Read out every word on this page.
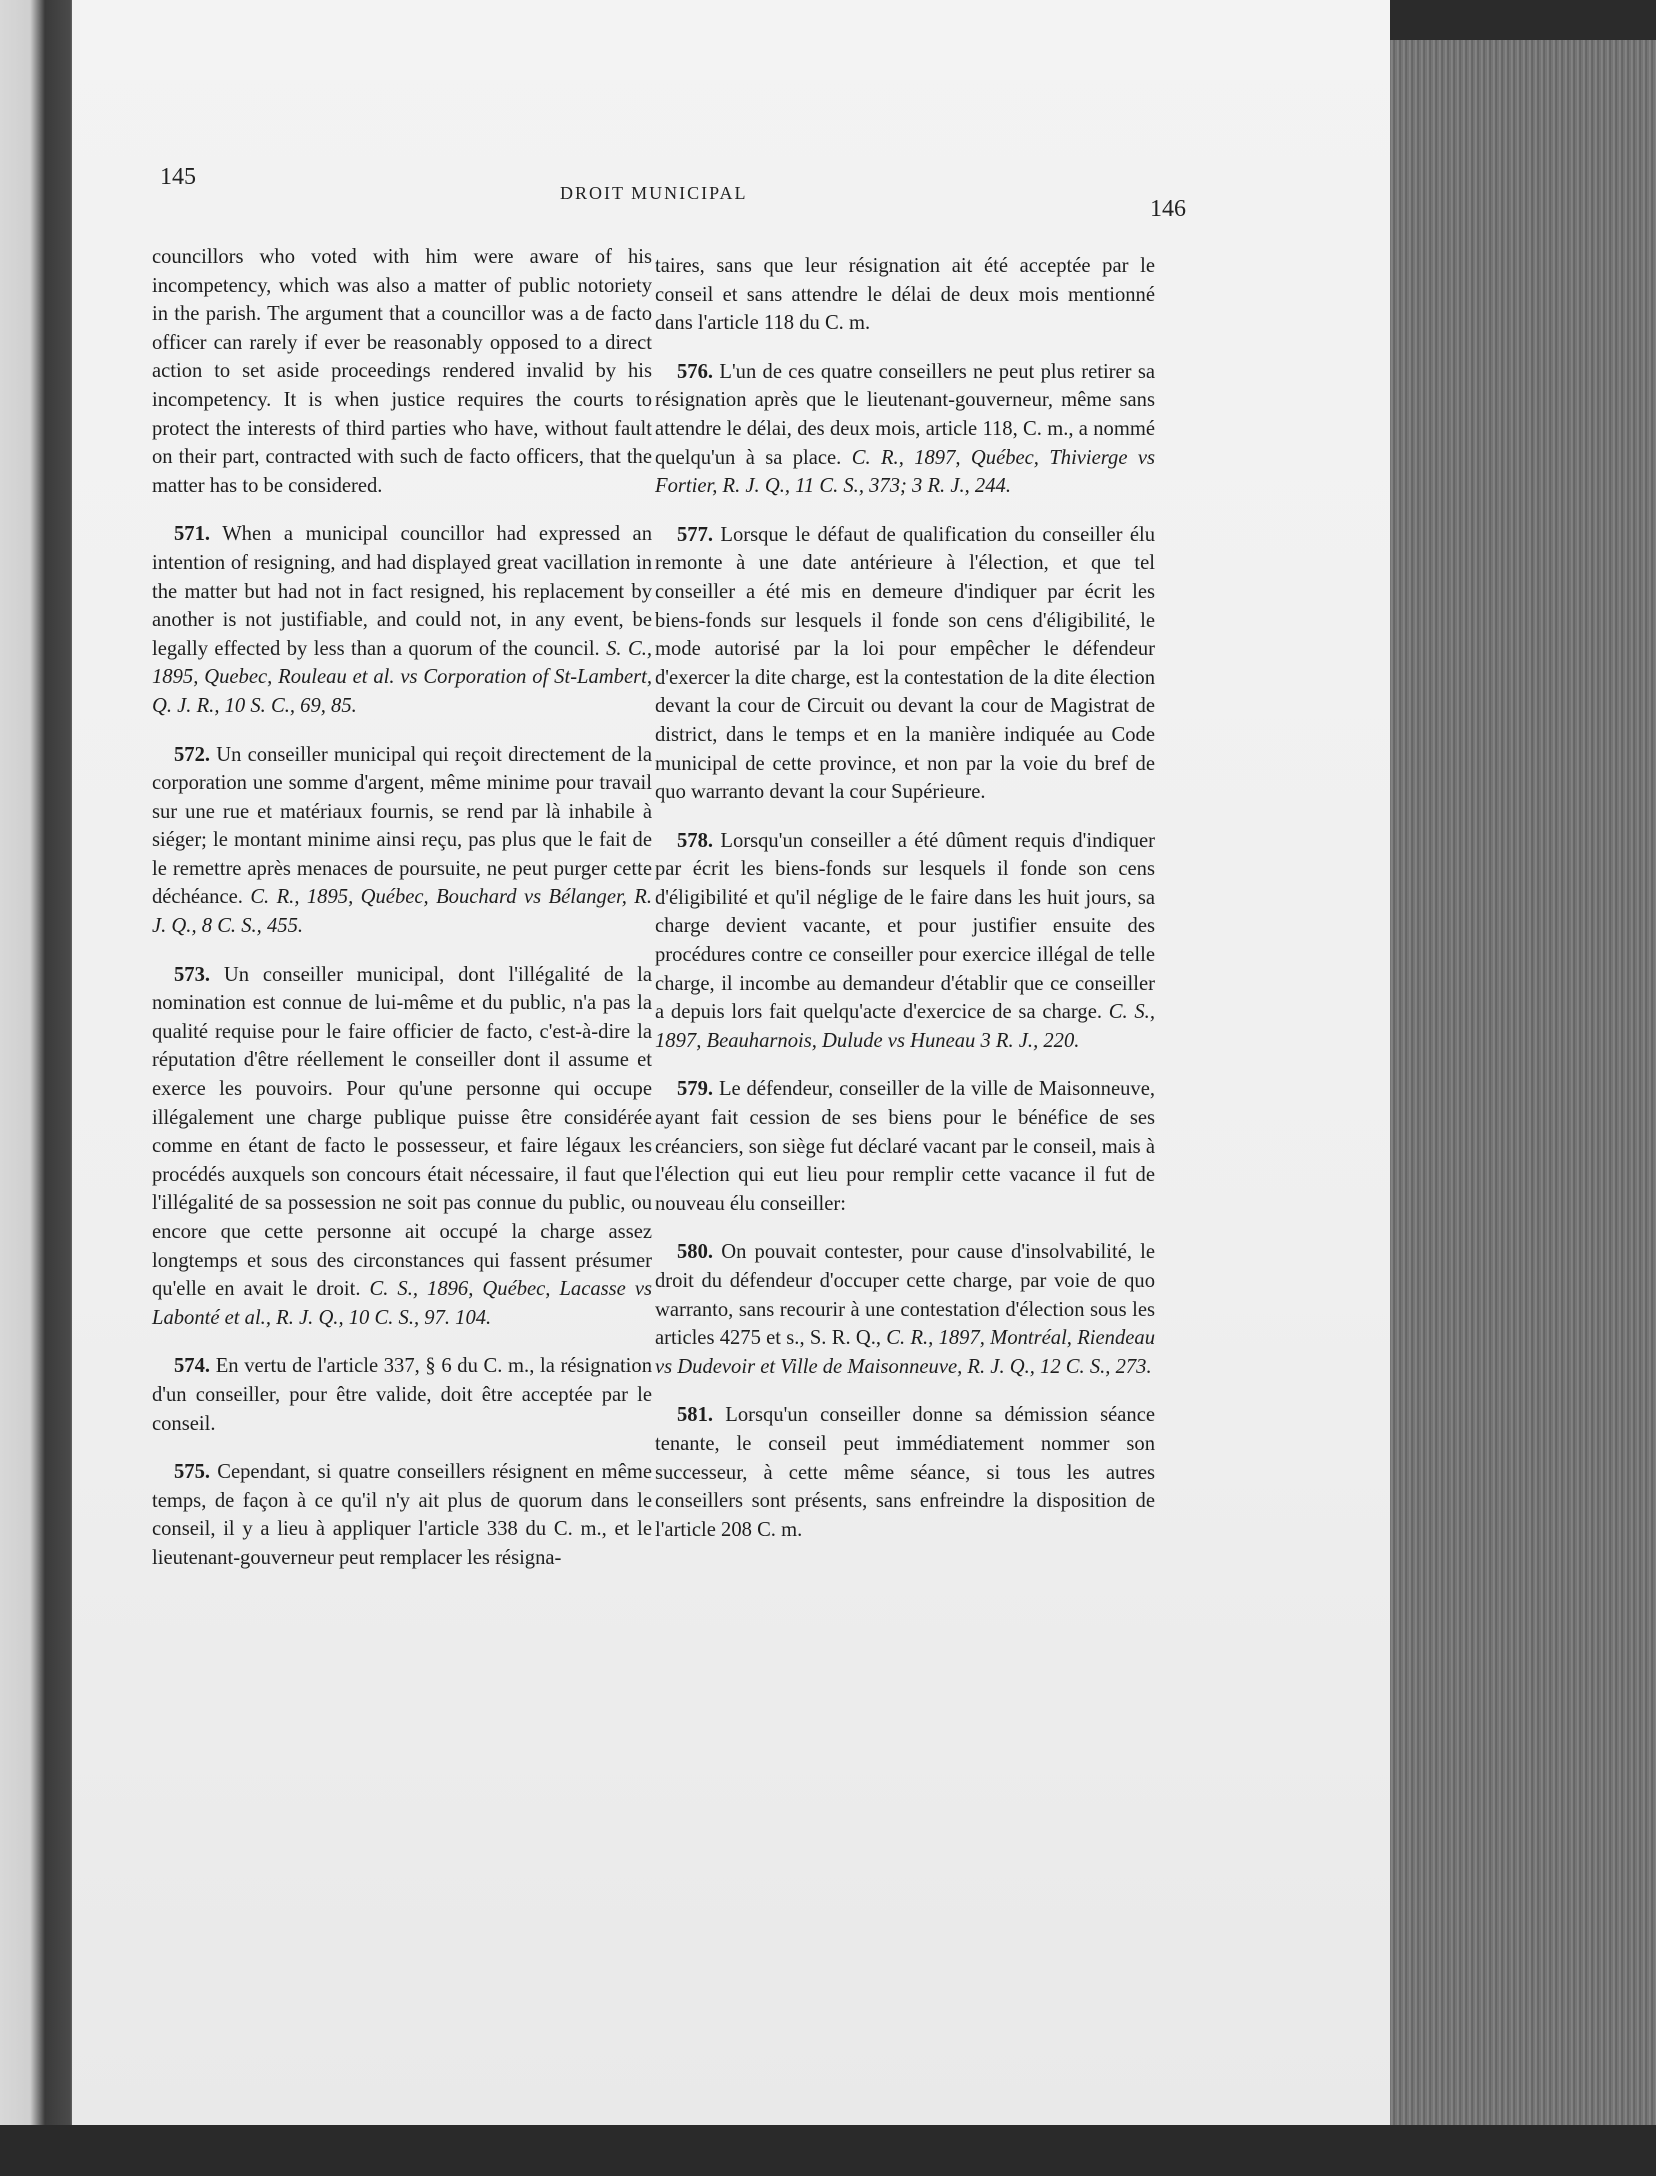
145
DROIT MUNICIPAL
146

councillors who voted with him were aware of his incompetency, which was also a matter of public notoriety in the parish. The argument that a councillor was a de facto officer can rarely if ever be reasonably opposed to a direct action to set aside proceedings rendered invalid by his incompetency. It is when justice requires the courts to protect the interests of third parties who have, without fault on their part, contracted with such de facto officers, that the matter has to be considered.

571. When a municipal councillor had expressed an intention of resigning, and had displayed great vacillation in the matter but had not in fact resigned, his replacement by another is not justifiable, and could not, in any event, be legally effected by less than a quorum of the council. S. C., 1895, Quebec, Rouleau et al. vs Corporation of St-Lambert, Q. J. R., 10 S. C., 69, 85.

572. Un conseiller municipal qui reçoit directement de la corporation une somme d'argent, même minime pour travail sur une rue et matériaux fournis, se rend par là inhabile à siéger; le montant minime ainsi reçu, pas plus que le fait de le remettre après menaces de poursuite, ne peut purger cette déchéance. C. R., 1895, Québec, Bouchard vs Bélanger, R. J. Q., 8 C. S., 455.

573. Un conseiller municipal, dont l'illégalité de la nomination est connue de lui-même et du public, n'a pas la qualité requise pour le faire officier de facto, c'est-à-dire la réputation d'être réellement le conseiller dont il assume et exerce les pouvoirs. Pour qu'une personne qui occupe illégalement une charge publique puisse être considérée comme en étant de facto le possesseur, et faire légaux les procédés auxquels son concours était nécessaire, il faut que l'illégalité de sa possession ne soit pas connue du public, ou encore que cette personne ait occupé la charge assez longtemps et sous des circonstances qui fassent présumer qu'elle en avait le droit. C. S., 1896, Québec, Lacasse vs Labonté et al., R. J. Q., 10 C. S., 97. 104.

574. En vertu de l'article 337, § 6 du C. m., la résignation d'un conseiller, pour être valide, doit être acceptée par le conseil.

575. Cependant, si quatre conseillers résignent en même temps, de façon à ce qu'il n'y ait plus de quorum dans le conseil, il y a lieu à appliquer l'article 338 du C. m., et le lieutenant-gouverneur peut remplacer les résigna-

taires, sans que leur résignation ait été acceptée par le conseil et sans attendre le délai de deux mois mentionné dans l'article 118 du C. m.

576. L'un de ces quatre conseillers ne peut plus retirer sa résignation après que le lieutenant-gouverneur, même sans attendre le délai, des deux mois, article 118, C. m., a nommé quelqu'un à sa place. C. R., 1897, Québec, Thivierge vs Fortier, R. J. Q., 11 C. S., 373; 3 R. J., 244.

577. Lorsque le défaut de qualification du conseiller élu remonte à une date antérieure à l'élection, et que tel conseiller a été mis en demeure d'indiquer par écrit les biens-fonds sur lesquels il fonde son cens d'éligibilité, le mode autorisé par la loi pour empêcher le défendeur d'exercer la dite charge, est la contestation de la dite élection devant la cour de Circuit ou devant la cour de Magistrat de district, dans le temps et en la manière indiquée au Code municipal de cette province, et non par la voie du bref de quo warranto devant la cour Supérieure.

578. Lorsqu'un conseiller a été dûment requis d'indiquer par écrit les biens-fonds sur lesquels il fonde son cens d'éligibilité et qu'il néglige de le faire dans les huit jours, sa charge devient vacante, et pour justifier ensuite des procédures contre ce conseiller pour exercice illégal de telle charge, il incombe au demandeur d'établir que ce conseiller a depuis lors fait quelqu'acte d'exercice de sa charge. C. S., 1897, Beauharnois, Dulude vs Huneau 3 R. J., 220.

579. Le défendeur, conseiller de la ville de Maisonneuve, ayant fait cession de ses biens pour le bénéfice de ses créanciers, son siège fut déclaré vacant par le conseil, mais à l'élection qui eut lieu pour remplir cette vacance il fut de nouveau élu conseiller:

580. On pouvait contester, pour cause d'insolvabilité, le droit du défendeur d'occuper cette charge, par voie de quo warranto, sans recourir à une contestation d'élection sous les articles 4275 et s., S. R. Q., C. R., 1897, Montréal, Riendeau vs Dudevoir et Ville de Maisonneuve, R. J. Q., 12 C. S., 273.

581. Lorsqu'un conseiller donne sa démission séance tenante, le conseil peut immédiatement nommer son successeur, à cette même séance, si tous les autres conseillers sont présents, sans enfreindre la disposition de l'article 208 C. m.
